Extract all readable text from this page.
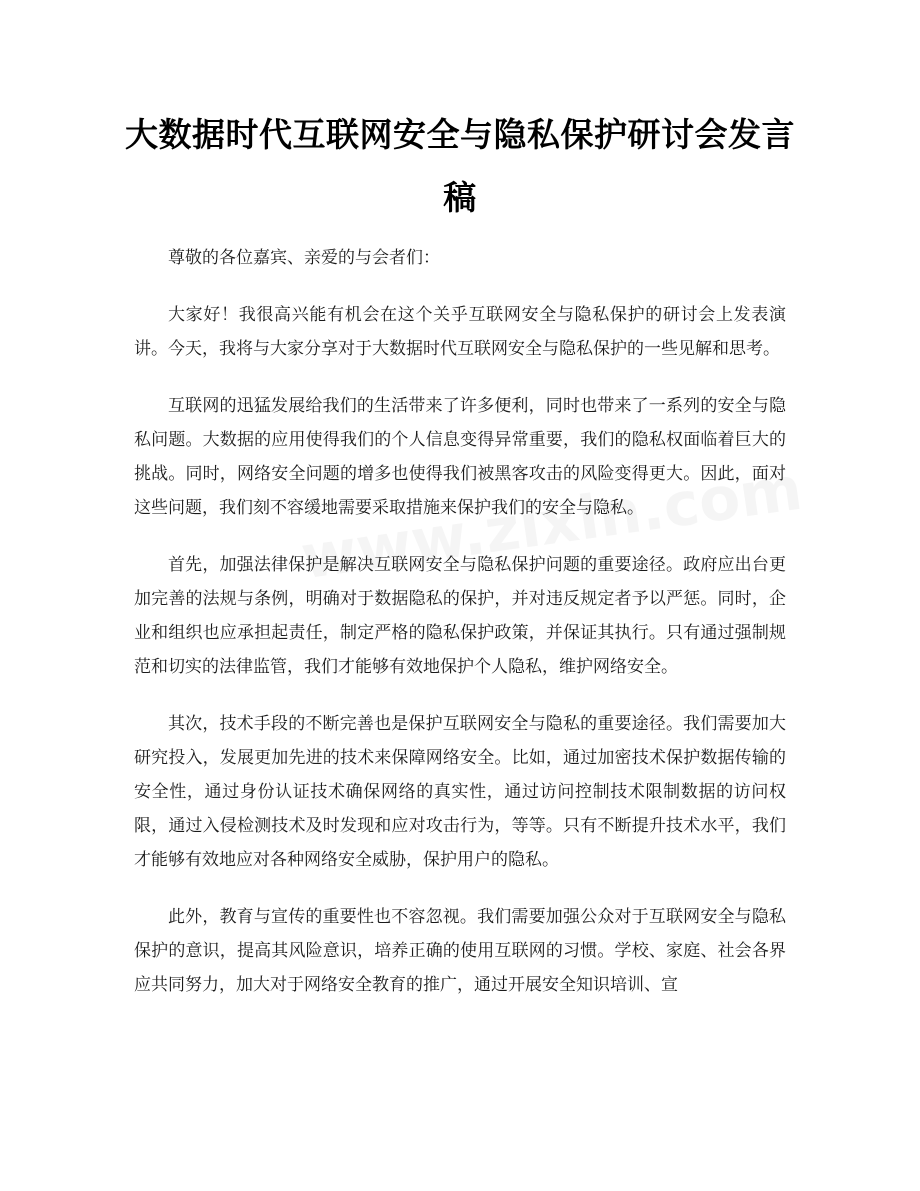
大数据时代互联网安全与隐私保护研讨会发言稿

尊敬的各位嘉宾、亲爱的与会者们：

大家好！我很高兴能有机会在这个关乎互联网安全与隐私保护的研讨会上发表演讲。今天，我将与大家分享对于大数据时代互联网安全与隐私保护的一些见解和思考。

互联网的迅猛发展给我们的生活带来了许多便利，同时也带来了一系列的安全与隐私问题。大数据的应用使得我们的个人信息变得异常重要，我们的隐私权面临着巨大的挑战。同时，网络安全问题的增多也使得我们被黑客攻击的风险变得更大。因此，面对这些问题，我们刻不容缓地需要采取措施来保护我们的安全与隐私。

首先，加强法律保护是解决互联网安全与隐私保护问题的重要途径。政府应出台更加完善的法规与条例，明确对于数据隐私的保护，并对违反规定者予以严惩。同时，企业和组织也应承担起责任，制定严格的隐私保护政策，并保证其执行。只有通过强制规范和切实的法律监管，我们才能够有效地保护个人隐私，维护网络安全。

其次，技术手段的不断完善也是保护互联网安全与隐私的重要途径。我们需要加大研究投入，发展更加先进的技术来保障网络安全。比如，通过加密技术保护数据传输的安全性，通过身份认证技术确保网络的真实性，通过访问控制技术限制数据的访问权限，通过入侵检测技术及时发现和应对攻击行为，等等。只有不断提升技术水平，我们才能够有效地应对各种网络安全威胁，保护用户的隐私。

此外，教育与宣传的重要性也不容忽视。我们需要加强公众对于互联网安全与隐私保护的意识，提高其风险意识，培养正确的使用互联网的习惯。学校、家庭、社会各界应共同努力，加大对于网络安全教育的推广，通过开展安全知识培训、宣
